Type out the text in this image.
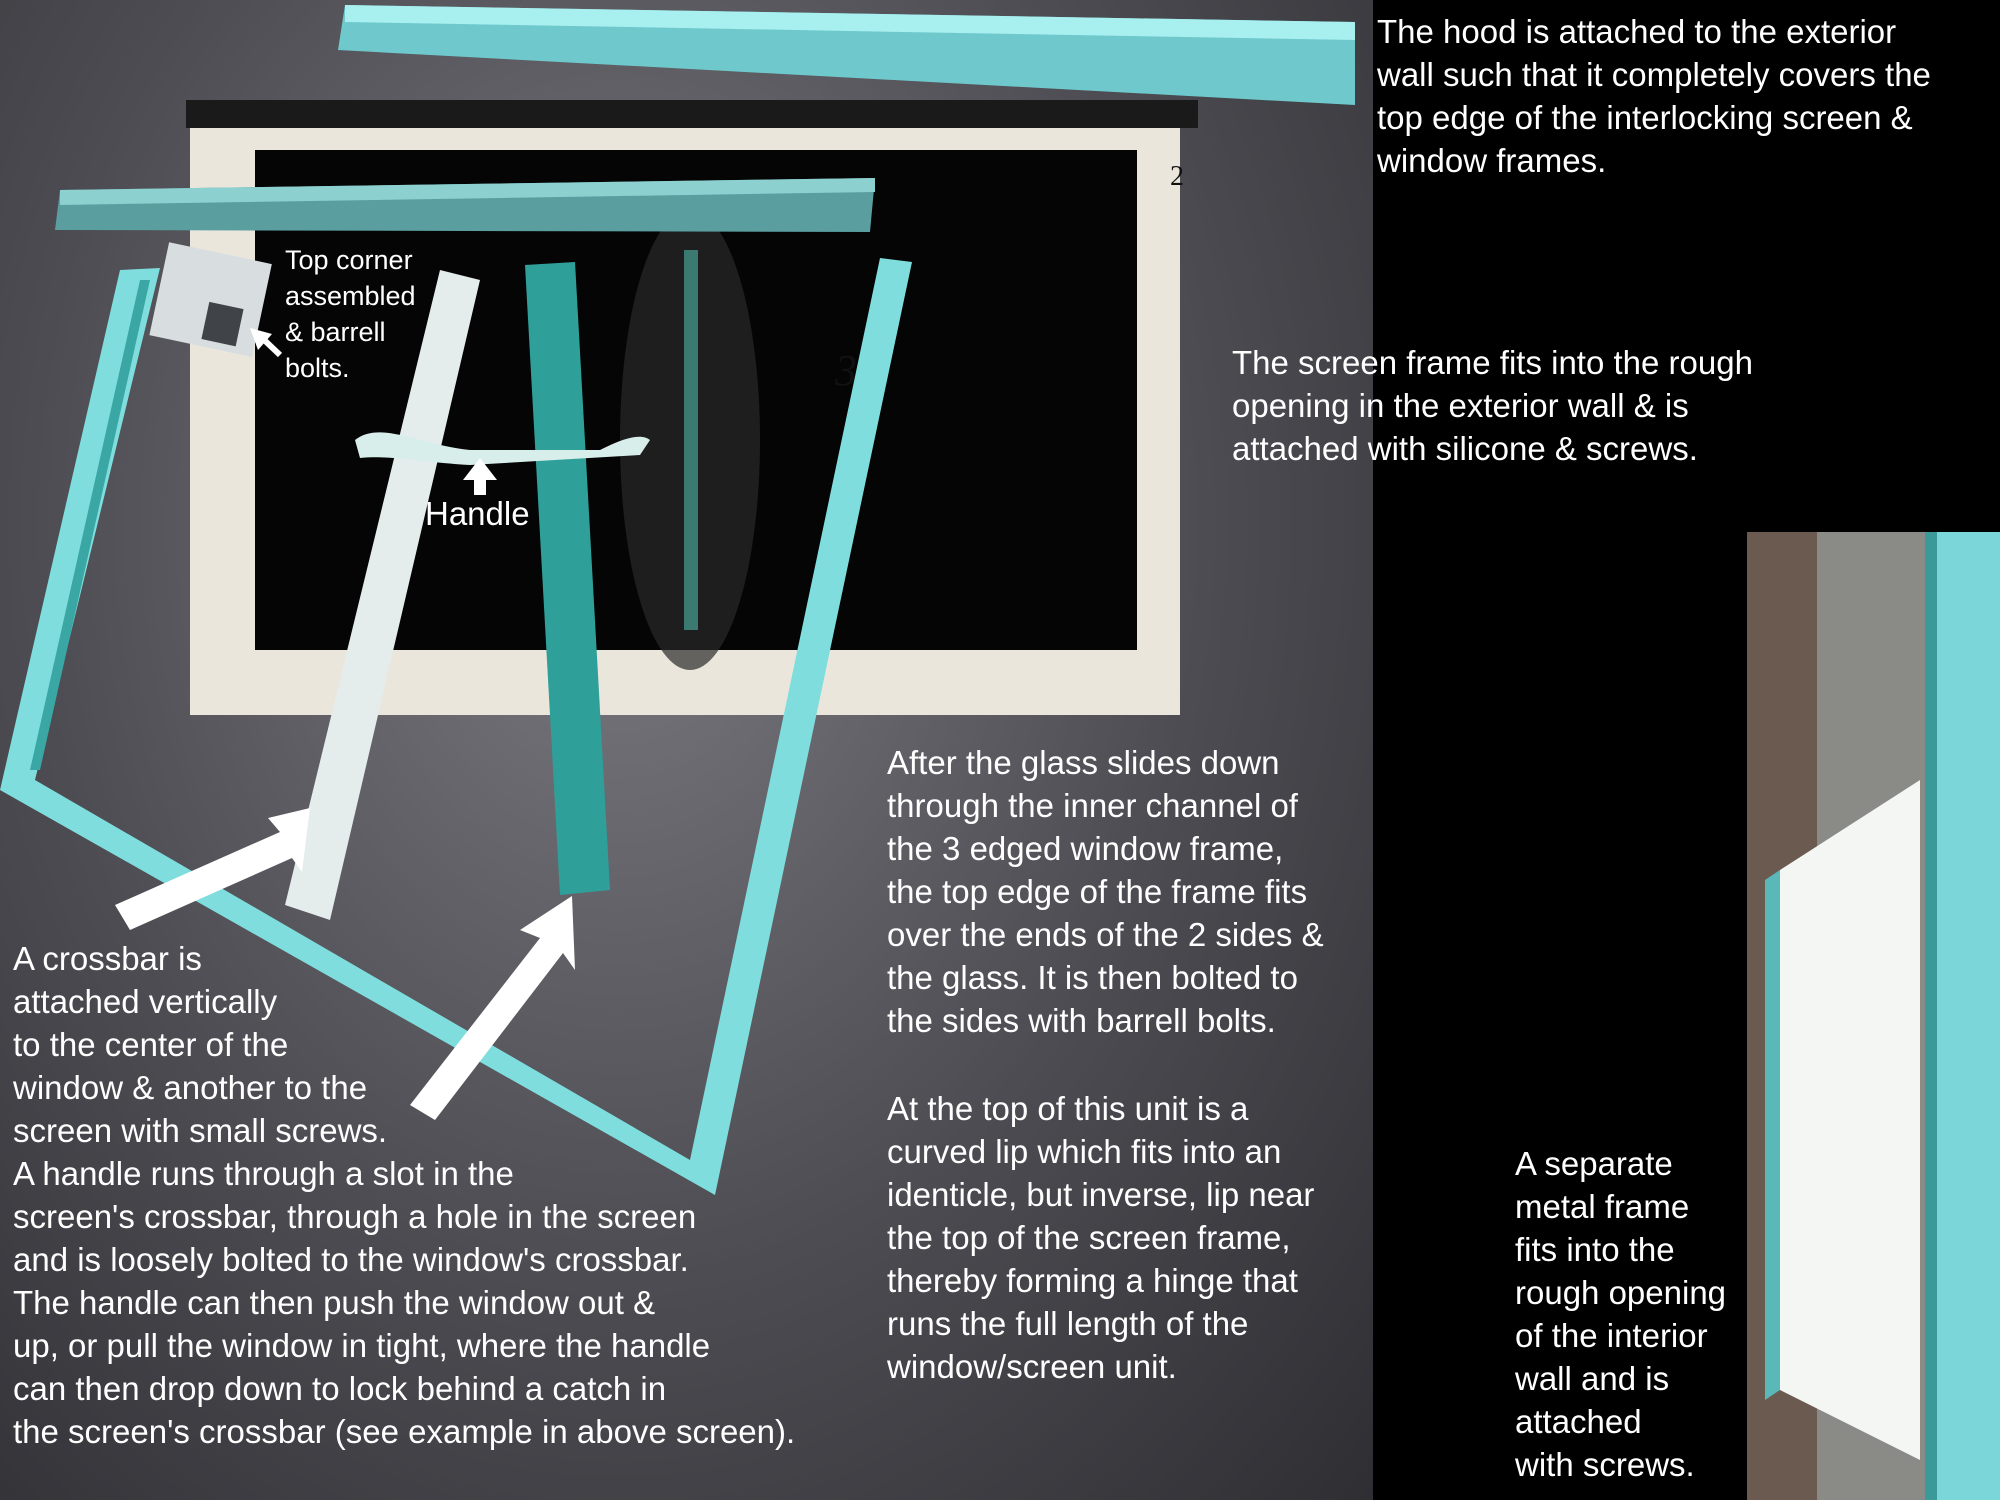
2
3

The hood is attached to the exterior
wall such that it completely covers the
top edge of the interlocking screen &
window frames.

The screen frame fits into the rough
opening in the exterior wall & is
attached with silicone & screws.

Top corner
assembled
& barrell
bolts.

Handle

After the glass slides down
through the inner channel of
the 3 edged window frame,
the top edge of the frame fits
over the ends of the 2 sides &
the glass. It is then bolted to
the sides with barrell bolts.

At the top of this unit is a
curved lip which fits into an
identicle, but inverse, lip near
the top of the screen frame,
thereby forming a hinge that
runs the full length of the
window/screen unit.

A crossbar is
attached vertically
to the center of the
window & another to the
screen with small screws.
A handle runs through a slot in the
screen's crossbar, through a hole in the screen
and is loosely bolted to the window's crossbar.
The handle can then push the window out &
up, or pull the window in tight, where the handle
can then drop down to lock behind a catch in
the screen's crossbar (see example in above screen).

A separate
metal frame
fits into the
rough opening
of the interior
wall and is
attached
with screws.
